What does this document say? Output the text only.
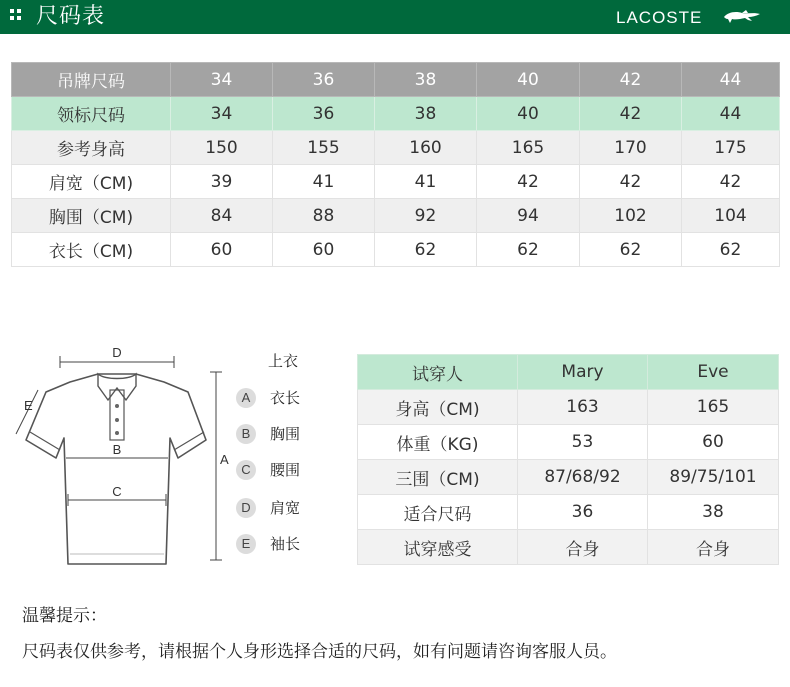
尺码表	LACOSTE
吊牌尺码	34	36	38	40	42	44
领标尺码	34	36	38	40	42	44
参考身高	150	155	160	165	170	175
肩宽（CM)	39	41	41	42	42	42
胸围（CM)	84	88	92	94	102	104
衣长（CM)	60	60	62	62	62	62
D
E
B
C
A
上衣
A	衣长
B	胸围
C	腰围
D	肩宽
E	袖长
试穿人	Mary	Eve
身高（CM)	163	165
体重（KG)	53	60
三围（CM)	87/68/92	89/75/101
适合尺码	36	38
试穿感受	合身	合身
温馨提示：
尺码表仅供参考，请根据个人身形选择合适的尺码，如有问题请咨询客服人员。
